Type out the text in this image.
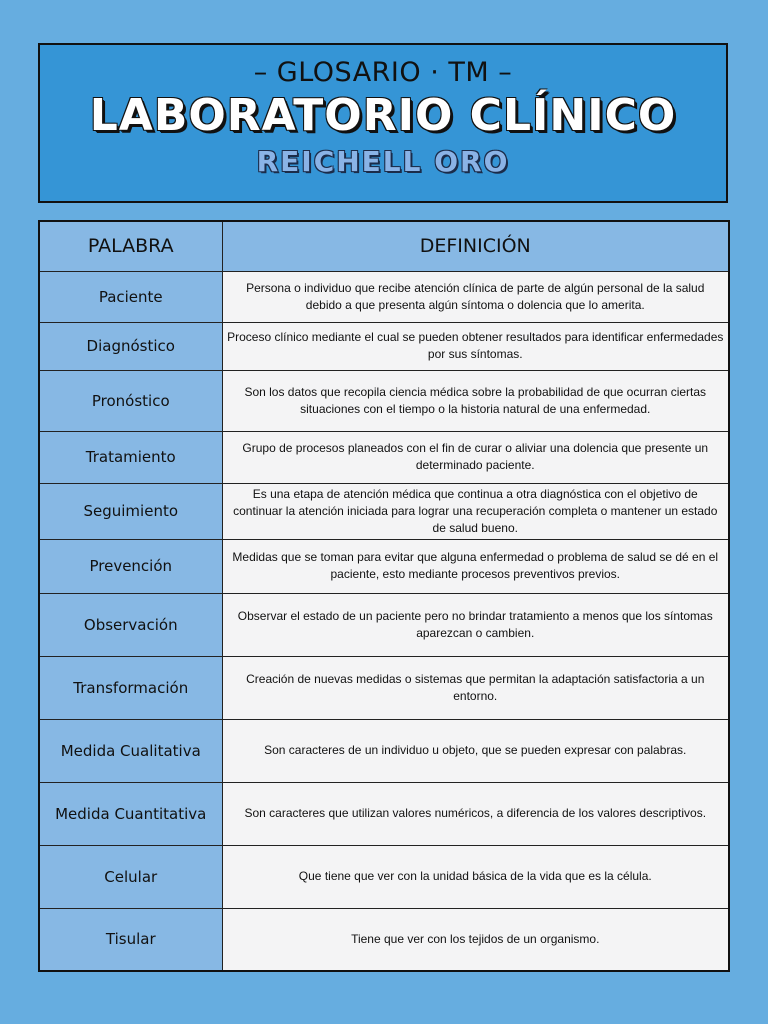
– GLOSARIO · TM –
LABORATORIO CLÍNICO
REICHELL ORO
PALABRA	DEFINICIÓN
Paciente	Persona o individuo que recibe atención clínica de parte de algún personal de la salud debido a que presenta algún síntoma o dolencia que lo amerita.
Diagnóstico	Proceso clínico mediante el cual se pueden obtener resultados para identificar enfermedades por sus síntomas.
Pronóstico	Son los datos que recopila ciencia médica sobre la probabilidad de que ocurran ciertas situaciones con el tiempo o la historia natural de una enfermedad.
Tratamiento	Grupo de procesos planeados con el fin de curar o aliviar una dolencia que presente un determinado paciente.
Seguimiento	Es una etapa de atención médica que continua a otra diagnóstica con el objetivo de continuar la atención iniciada para lograr una recuperación completa o mantener un estado de salud bueno.
Prevención	Medidas que se toman para evitar que alguna enfermedad o problema de salud se dé en el paciente, esto mediante procesos preventivos previos.
Observación	Observar el estado de un paciente pero no brindar tratamiento a menos que los síntomas aparezcan o cambien.
Transformación	Creación de nuevas medidas o sistemas que permitan la adaptación satisfactoria a un entorno.
Medida Cualitativa	Son caracteres de un individuo u objeto, que se pueden expresar con palabras.
Medida Cuantitativa	Son caracteres que utilizan valores numéricos, a diferencia de los valores descriptivos.
Celular	Que tiene que ver con la unidad básica de la vida que es la célula.
Tisular	Tiene que ver con los tejidos de un organismo.
